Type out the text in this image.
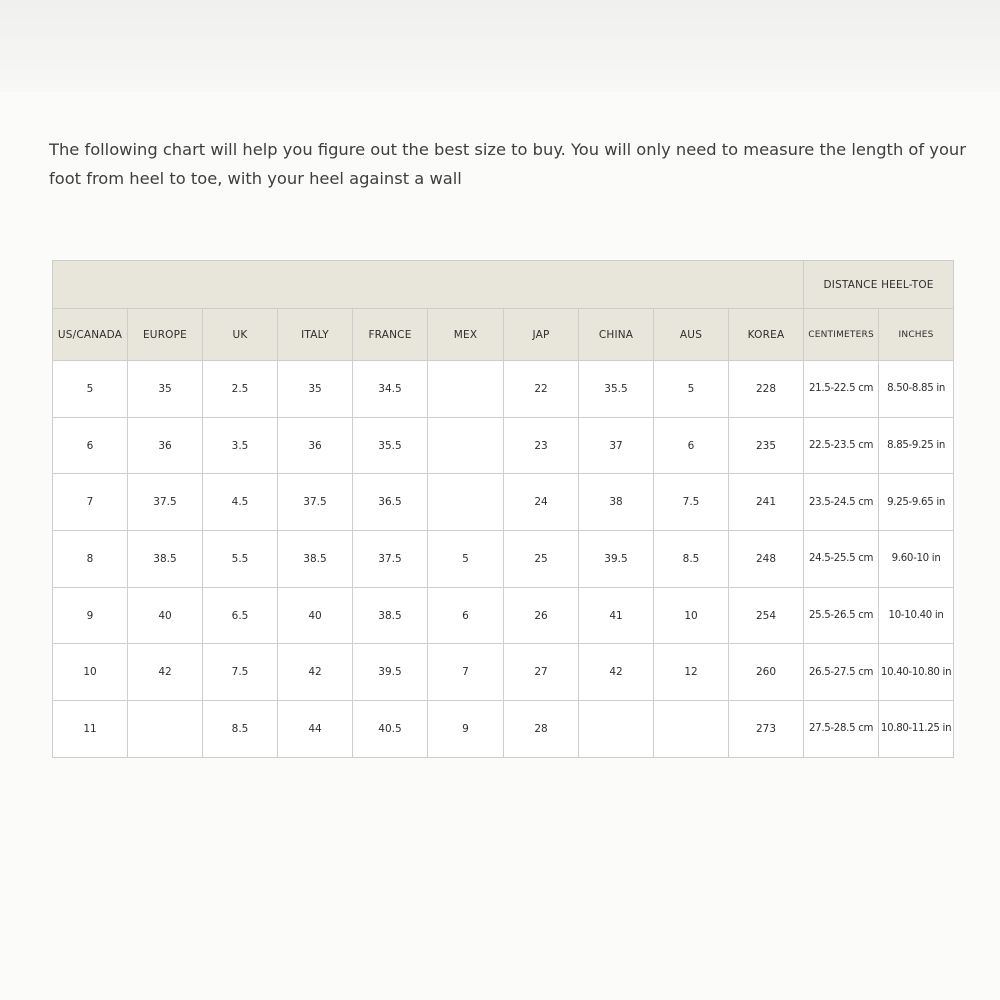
The following chart will help you figure out the best size to buy. You will only need to measure the length of your foot from heel to toe, with your heel against a wall

										DISTANCE HEEL-TOE	
US/CANADA	EUROPE	UK	ITALY	FRANCE	MEX	JAP	CHINA	AUS	KOREA	CENTIMETERS	INCHES
5	35	2.5	35	34.5		22	35.5	5	228	21.5-22.5 cm	8.50-8.85 in
6	36	3.5	36	35.5		23	37	6	235	22.5-23.5 cm	8.85-9.25 in
7	37.5	4.5	37.5	36.5		24	38	7.5	241	23.5-24.5 cm	9.25-9.65 in
8	38.5	5.5	38.5	37.5	5	25	39.5	8.5	248	24.5-25.5 cm	9.60-10 in
9	40	6.5	40	38.5	6	26	41	10	254	25.5-26.5 cm	10-10.40 in
10	42	7.5	42	39.5	7	27	42	12	260	26.5-27.5 cm	10.40-10.80 in
11		8.5	44	40.5	9	28			273	27.5-28.5 cm	10.80-11.25 in
